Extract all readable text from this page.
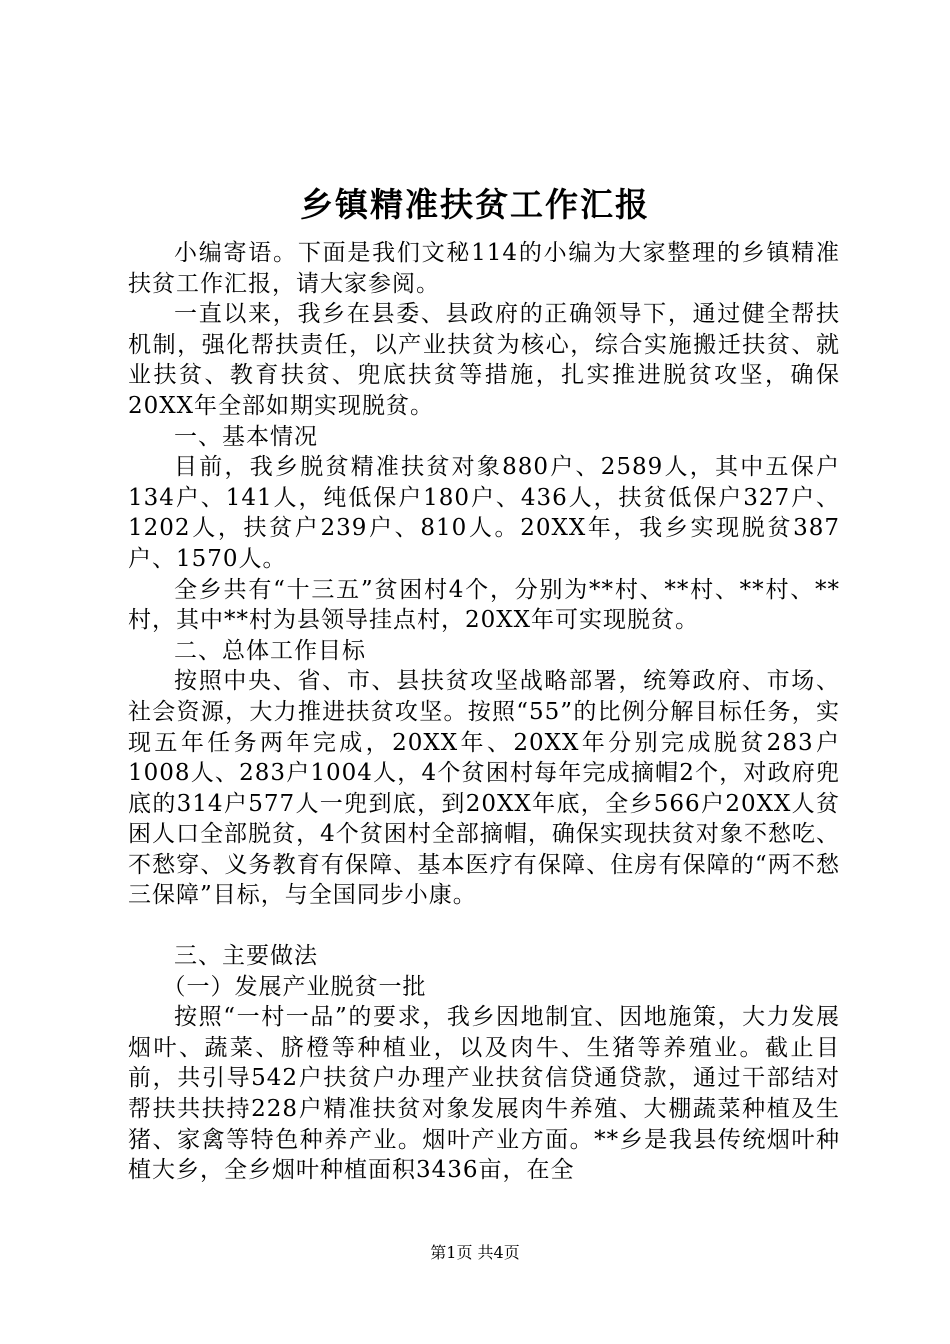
乡镇精准扶贫工作汇报

小编寄语。下面是我们文秘114的小编为大家整理的乡镇精准扶贫工作汇报，请大家参阅。

一直以来，我乡在县委、县政府的正确领导下，通过健全帮扶机制，强化帮扶责任，以产业扶贫为核心，综合实施搬迁扶贫、就业扶贫、教育扶贫、兜底扶贫等措施，扎实推进脱贫攻坚，确保20XX年全部如期实现脱贫。

一、基本情况

目前，我乡脱贫精准扶贫对象880户、2589人，其中五保户134户、141人，纯低保户180户、436人，扶贫低保户327户、1202人，扶贫户239户、810人。20XX年，我乡实现脱贫387户、1570人。

全乡共有“十三五”贫困村4个，分别为**村、**村、**村、**村，其中**村为县领导挂点村，20XX年可实现脱贫。

二、总体工作目标

按照中央、省、市、县扶贫攻坚战略部署，统筹政府、市场、社会资源，大力推进扶贫攻坚。按照“55”的比例分解目标任务，实现五年任务两年完成，20XX年、20XX年分别完成脱贫283户1008人、283户1004人，4个贫困村每年完成摘帽2个，对政府兜底的314户577人一兜到底，到20XX年底，全乡566户20XX人贫困人口全部脱贫，4个贫困村全部摘帽，确保实现扶贫对象不愁吃、不愁穿、义务教育有保障、基本医疗有保障、住房有保障的“两不愁三保障”目标，与全国同步小康。

三、主要做法

（一）发展产业脱贫一批

按照“一村一品”的要求，我乡因地制宜、因地施策，大力发展烟叶、蔬菜、脐橙等种植业，以及肉牛、生猪等养殖业。截止目前，共引导542户扶贫户办理产业扶贫信贷通贷款，通过干部结对帮扶共扶持228户精准扶贫对象发展肉牛养殖、大棚蔬菜种植及生猪、家禽等特色种养产业。烟叶产业方面。**乡是我县传统烟叶种植大乡，全乡烟叶种植面积3436亩，在全

第1页 共4页
